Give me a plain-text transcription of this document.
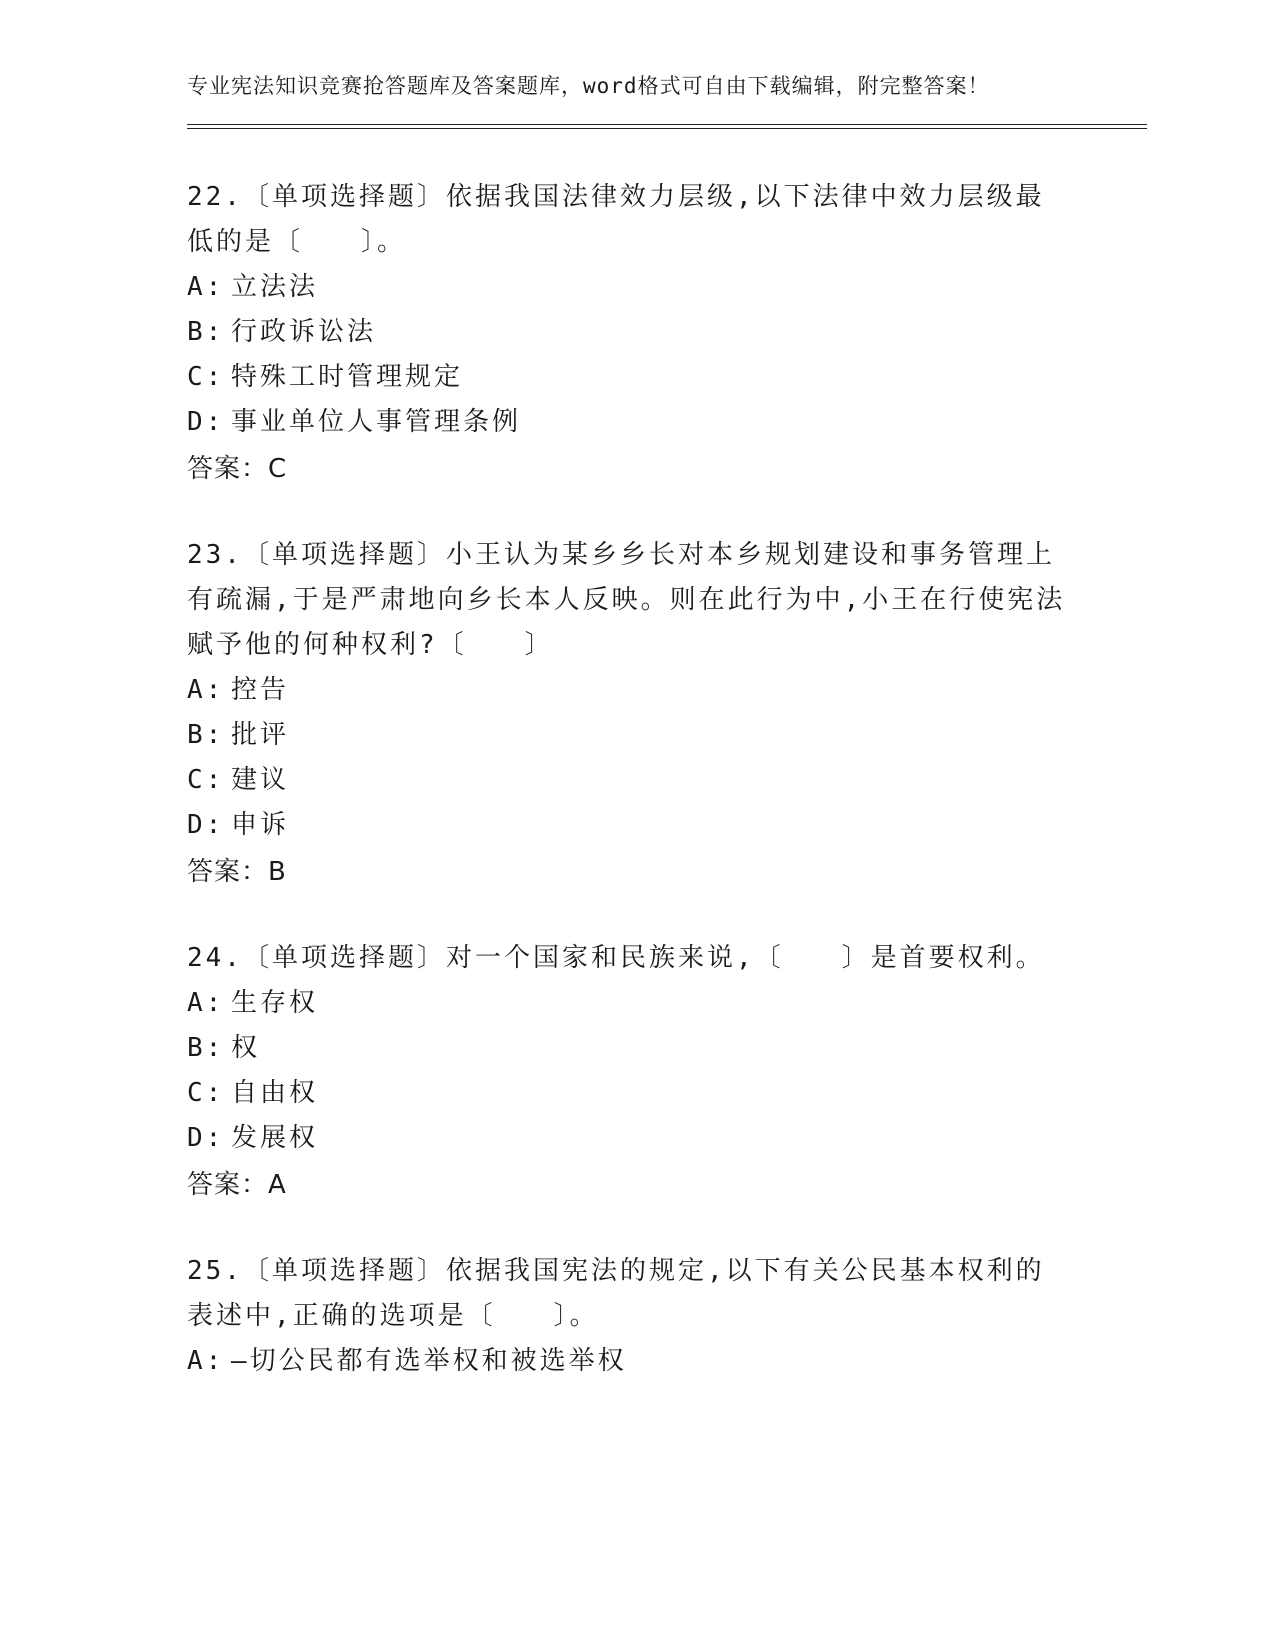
专业宪法知识竞赛抢答题库及答案题库，word格式可自由下载编辑，附完整答案！
22.〔单项选择题〕依据我国法律效力层级,以下法律中效力层级最低的是〔　　〕。
A: 立法法
B: 行政诉讼法
C: 特殊工时管理规定
D: 事业单位人事管理条例
答案：C
23.〔单项选择题〕小王认为某乡乡长对本乡规划建设和事务管理上有疏漏,于是严肃地向乡长本人反映。则在此行为中,小王在行使宪法赋予他的何种权利?〔　　〕
A: 控告
B: 批评
C: 建议
D: 申诉
答案：B
24.〔单项选择题〕对一个国家和民族来说,〔　　〕是首要权利。
A: 生存权
B: 权
C: 自由权
D: 发展权
答案：A
25.〔单项选择题〕依据我国宪法的规定,以下有关公民基本权利的表述中,正确的选项是〔　　〕。
A: —切公民都有选举权和被选举权
